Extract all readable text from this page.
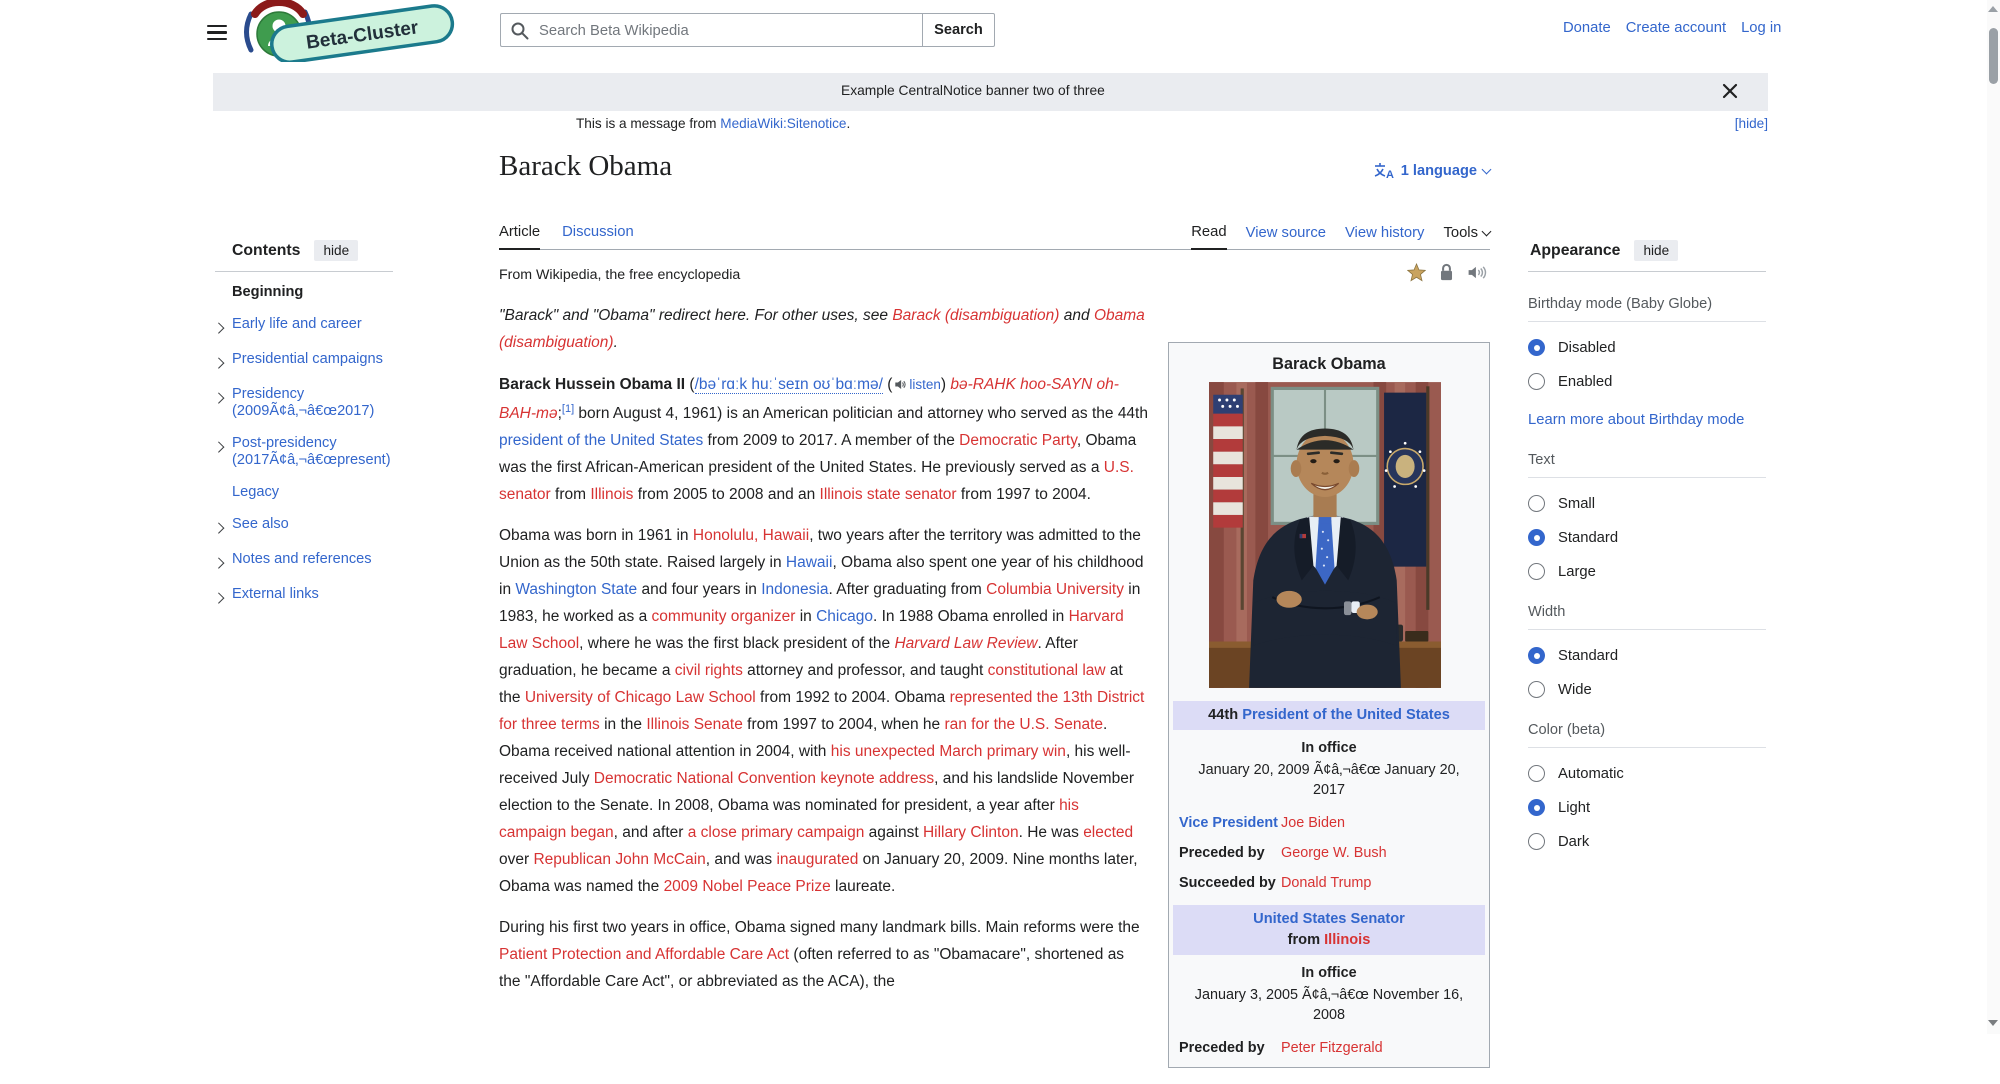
Beta-Cluster
Search Beta Wikipedia	Search	Donate Create account Log in
Example CentralNotice banner two of three
This is a message from MediaWiki:Sitenotice.	[hide]
Contents	hide
Beginning
Early life and career
Presidential campaigns
Presidency (2009Ã¢â‚¬â€œ2017)
Post-presidency (2017Ã¢â‚¬â€œpresent)
Legacy
See also
Notes and references
External links
Barack Obama	A 1 language
Article Discussion	Read View source View history Tools
From Wikipedia, the free encyclopedia
Barack Obama
44th President of the United States
In office
January 20, 2009 Ã¢â‚¬â€œ January 20, 2017
Vice President Joe Biden
Preceded by	George W. Bush
Succeeded by Donald Trump
United States Senator
from Illinois
In office
January 3, 2005 Ã¢â‚¬â€œ November 16, 2008
Preceded by	Peter Fitzgerald
"Barack" and "Obama" redirect here. For other uses, see Barack (disambiguation) and Obama (disambiguation).

Barack Hussein Obama II (/bəˈrɑːk huːˈseɪn oʊˈbɑːmə/ ( listen) bə-RAHK hoo-SAYN oh-BAH-mə;[1] born August 4, 1961) is an American politician and attorney who served as the 44th president of the United States from 2009 to 2017. A member of the Democratic Party, Obama was the first African-American president of the United States. He previously served as a U.S. senator from Illinois from 2005 to 2008 and an Illinois state senator from 1997 to 2004.

Obama was born in 1961 in Honolulu, Hawaii, two years after the territory was admitted to the Union as the 50th state. Raised largely in Hawaii, Obama also spent one year of his childhood in Washington State and four years in Indonesia. After graduating from Columbia University in 1983, he worked as a community organizer in Chicago. In 1988 Obama enrolled in Harvard Law School, where he was the first black president of the Harvard Law Review. After graduation, he became a civil rights attorney and professor, and taught constitutional law at the University of Chicago Law School from 1992 to 2004. Obama represented the 13th District for three terms in the Illinois Senate from 1997 to 2004, when he ran for the U.S. Senate. Obama received national attention in 2004, with his unexpected March primary win, his well-received July Democratic National Convention keynote address, and his landslide November election to the Senate. In 2008, Obama was nominated for president, a year after his campaign began, and after a close primary campaign against Hillary Clinton. He was elected over Republican John McCain, and was inaugurated on January 20, 2009. Nine months later, Obama was named the 2009 Nobel Peace Prize laureate.

During his first two years in office, Obama signed many landmark bills. Main reforms were the Patient Protection and Affordable Care Act (often referred to as "Obamacare", shortened as the "Affordable Care Act", or abbreviated as the ACA), the

Appearance	hide
Birthday mode (Baby Globe)
Disabled
Enabled
Learn more about Birthday mode
Text
Small
Standard
Large
Width
Standard
Wide
Color (beta)
Automatic
Light
Dark
